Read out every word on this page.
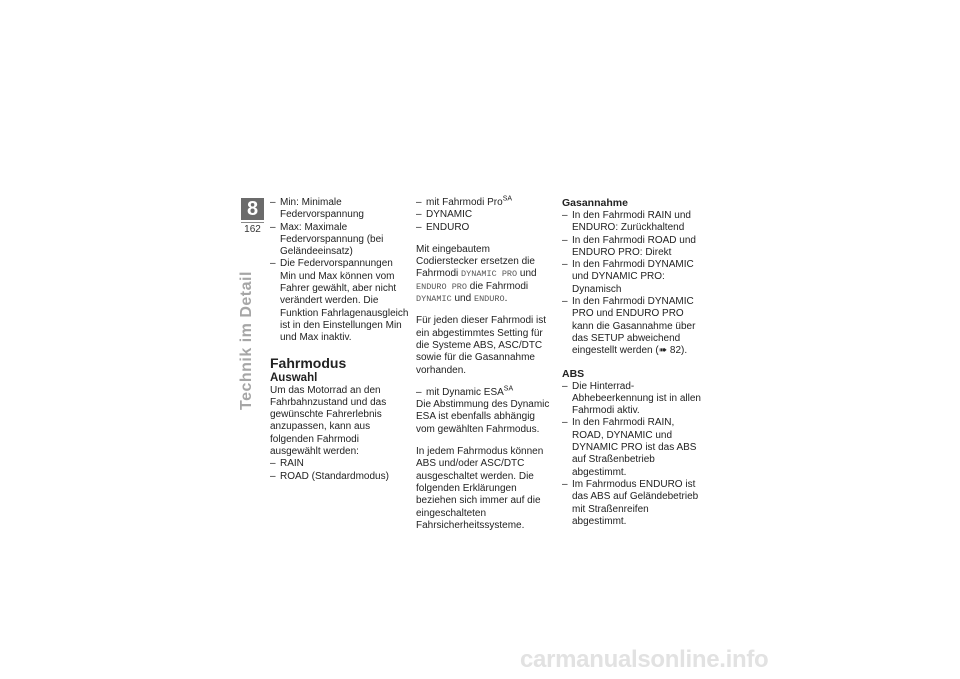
8
162
Technik im Detail
– Min: Minimale Federvorspannung
– Max: Maximale Federvorspannung (bei Geländeeinsatz)
– Die Federvorspannungen Min und Max können vom Fahrer gewählt, aber nicht verändert werden. Die Funktion Fahrlagenausgleich ist in den Einstellungen Min und Max inaktiv.
Fahrmodus
Auswahl

Um das Motorrad an den Fahrbahnzustand und das gewünschte Fahrerlebnis anzupassen, kann aus folgenden Fahrmodi ausgewählt werden:

– RAIN
– ROAD (Standardmodus)
– mit Fahrmodi Pro$^{SA}$
– DYNAMIC
– ENDURO

Mit eingebautem Codierstecker ersetzen die Fahrmodi DYNAMIC PRO und ENDURO PRO die Fahrmodi DYNAMIC und ENDURO.

Für jeden dieser Fahrmodi ist ein abgestimmtes Setting für die Systeme ABS, ASC/DTC sowie für die Gasannahme vorhanden.

– mit Dynamic $ESA^{SA}$

Die Abstimmung des Dynamic ESA ist ebenfalls abhängig vom gewählten Fahrmodus.

In jedem Fahrmodus können ABS und/oder ASC/DTC ausgeschaltet werden. Die folgenden Erklärungen beziehen sich immer auf die eingeschalteten Fahrsicherheitssysteme.

Gasannahme
– In den Fahrmodi RAIN und ENDURO: Zurückhaltend
– In den Fahrmodi ROAD und ENDURO PRO: Direkt
– In den Fahrmodi DYNAMIC und DYNAMIC PRO: Dynamisch
– In den Fahrmodi DYNAMIC PRO und ENDURO PRO kann die Gasannahme über das SETUP abweichend eingestellt werden (➠ 82).
ABS
– Die Hinterrad-Abhebeerkennung ist in allen Fahrmodi aktiv.
– In den Fahrmodi RAIN, ROAD, DYNAMIC und DYNAMIC PRO ist das ABS auf Straßenbetrieb abgestimmt.
– Im Fahrmodus ENDURO ist das ABS auf Geländebetrieb mit Straßenreifen abgestimmt.
carmanualsonline.info
